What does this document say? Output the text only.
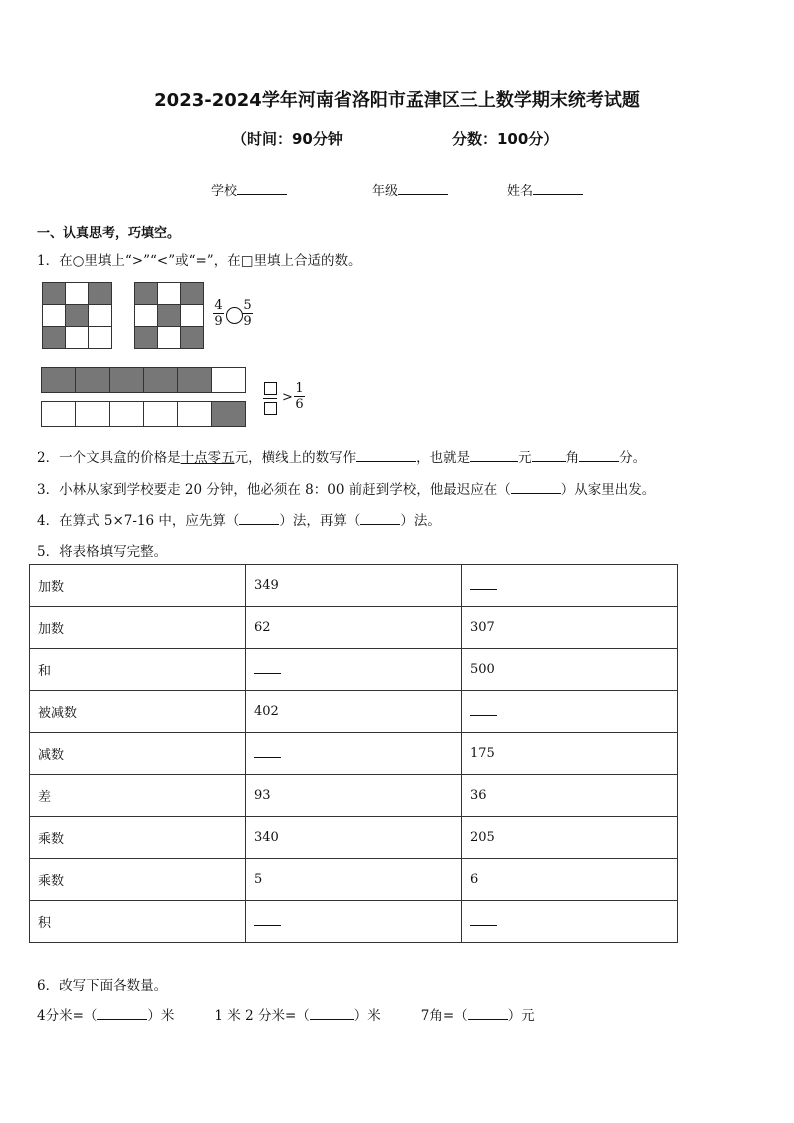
2023-2024学年河南省洛阳市孟津区三上数学期末统考试题
（时间：90分钟	分数：100分）
学校	年级	姓名
一、认真思考，巧填空。
1．在○里填上“>”“<”或“=”，在□里填上合适的数。

4
9
5
9

>
1
6
2．一个文具盒的价格是十点零五元，横线上的数写作	，也就是	元	角	分。
3．小林从家到学校要走 20 分钟，他必须在 8：00 前赶到学校，他最迟应在（	）从家里出发。
4．在算式 5×7-16 中，应先算（	）法，再算（	）法。
5．将表格填写完整。
加数	349	
加数	62	307
和		500
被减数	402	
减数		175
差	93	36
乘数	340	205
乘数	5	6
积		
6．改写下面各数量。
4分米=（	）米	1 米 2 分米=（	）米	7角=（	）元
